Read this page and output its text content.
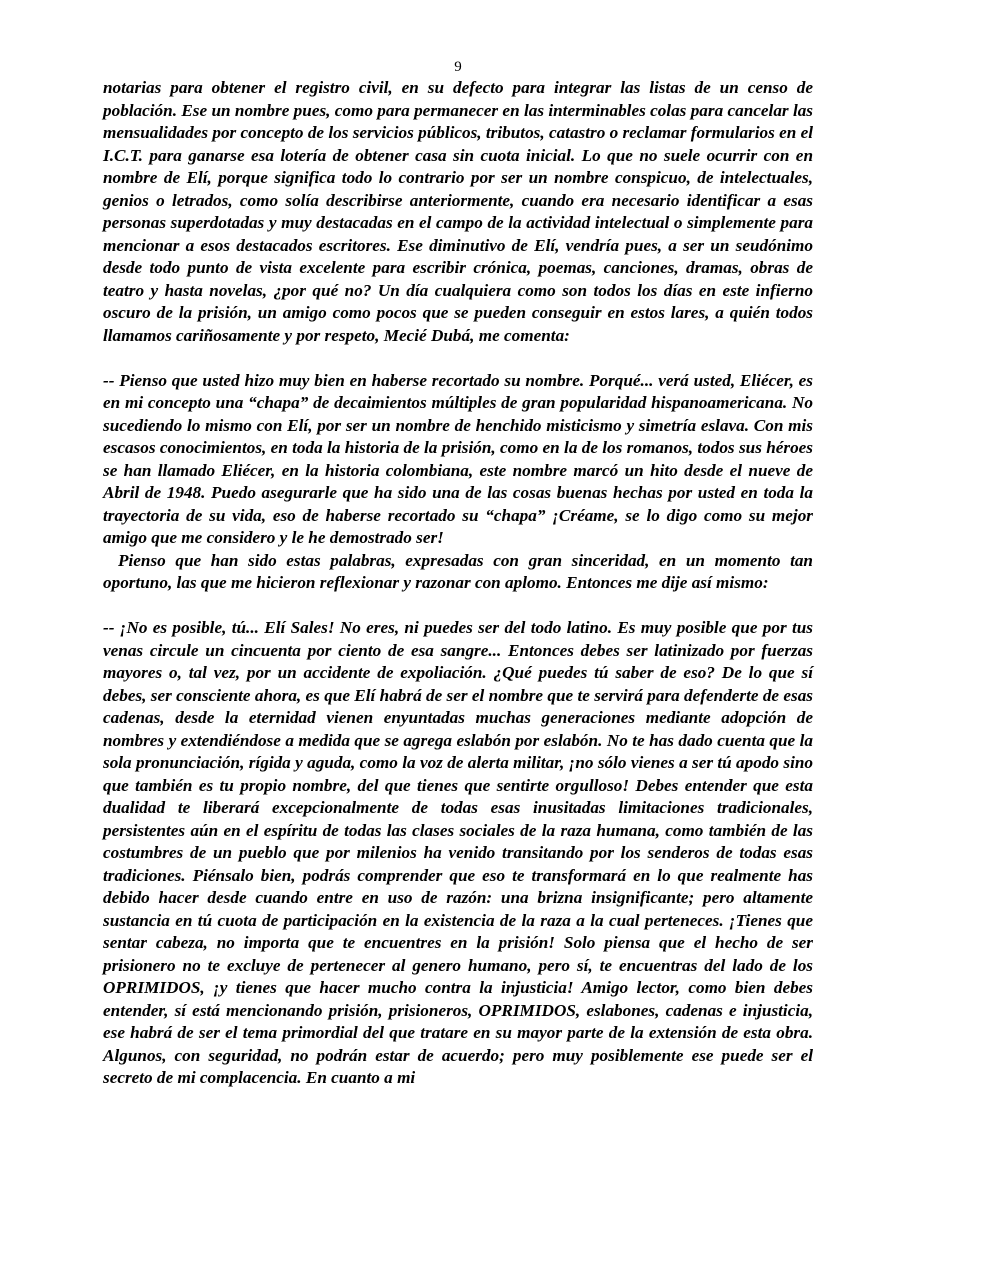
9

notarias para obtener el registro civil, en su defecto para integrar las listas de un censo de población. Ese un nombre pues, como para permanecer en las interminables colas para cancelar las mensualidades por concepto de los servicios públicos, tributos, catastro o reclamar formularios en el I.C.T. para ganarse esa lotería de obtener casa sin cuota inicial. Lo que no suele ocurrir con en nombre de Elí, porque significa todo lo contrario por ser un nombre conspicuo, de intelectuales, genios o letrados, como solía describirse anteriormente, cuando era necesario identificar a esas personas superdotadas y muy destacadas en el campo de la actividad intelectual o simplemente para mencionar a esos destacados escritores. Ese diminutivo de Elí, vendría pues, a ser un seudónimo desde todo punto de vista excelente para escribir crónica, poemas, canciones, dramas, obras de teatro y hasta novelas, ¿por qué no? Un día cualquiera como son todos los días en este infierno oscuro de la prisión, un amigo como pocos que se pueden conseguir en estos lares, a quién todos llamamos cariñosamente y por respeto, Mecié Dubá, me comenta:

-- Pienso que usted hizo muy bien en haberse recortado su nombre. Porqué... verá usted, Eliécer, es en mi concepto una “chapa” de decaimientos múltiples de gran popularidad hispanoamericana. No sucediendo lo mismo con Elí, por ser un nombre de henchido misticismo y simetría eslava. Con mis escasos conocimientos, en toda la historia de la prisión, como en la de los romanos, todos sus héroes se han llamado Eliécer, en la historia colombiana, este nombre marcó un hito desde el nueve de Abril de 1948. Puedo asegurarle que ha sido una de las cosas buenas hechas por usted en toda la trayectoria de su vida, eso de haberse recortado su “chapa” ¡Créame, se lo digo como su mejor amigo que me considero y le he demostrado ser!

Pienso que han sido estas palabras, expresadas con gran sinceridad, en un momento tan oportuno, las que me hicieron reflexionar y razonar con aplomo. Entonces me dije así mismo:

-- ¡No es posible, tú... Elí Sales! No eres, ni puedes ser del todo latino. Es muy posible que por tus venas circule un cincuenta por ciento de esa sangre... Entonces debes ser latinizado por fuerzas mayores o, tal vez, por un accidente de expoliación. ¿Qué puedes tú saber de eso? De lo que sí debes, ser consciente ahora, es que Elí habrá de ser el nombre que te servirá para defenderte de esas cadenas, desde la eternidad vienen enyuntadas muchas generaciones mediante adopción de nombres y extendiéndose a medida que se agrega eslabón por eslabón. No te has dado cuenta que la sola pronunciación, rígida y aguda, como la voz de alerta militar, ¡no sólo vienes a ser tú apodo sino que también es tu propio nombre, del que tienes que sentirte orgulloso! Debes entender que esta dualidad te liberará excepcionalmente de todas esas inusitadas limitaciones tradicionales, persistentes aún en el espíritu de todas las clases sociales de la raza humana, como también de las costumbres de un pueblo que por milenios ha venido transitando por los senderos de todas esas tradiciones. Piénsalo bien, podrás comprender que eso te transformará en lo que realmente has debido hacer desde cuando entre en uso de razón: una brizna insignificante; pero altamente sustancia en tú cuota de participación en la existencia de la raza a la cual perteneces. ¡Tienes que sentar cabeza, no importa que te encuentres en la prisión! Solo piensa que el hecho de ser prisionero no te excluye de pertenecer al genero humano, pero sí, te encuentras del lado de los OPRIMIDOS, ¡y tienes que hacer mucho contra la injusticia! Amigo lector, como bien debes entender, sí está mencionando prisión, prisioneros, OPRIMIDOS, eslabones, cadenas e injusticia, ese habrá de ser el tema primordial del que tratare en su mayor parte de la extensión de esta obra. Algunos, con seguridad, no podrán estar de acuerdo; pero muy posiblemente ese puede ser el secreto de mi complacencia. En cuanto a mi
